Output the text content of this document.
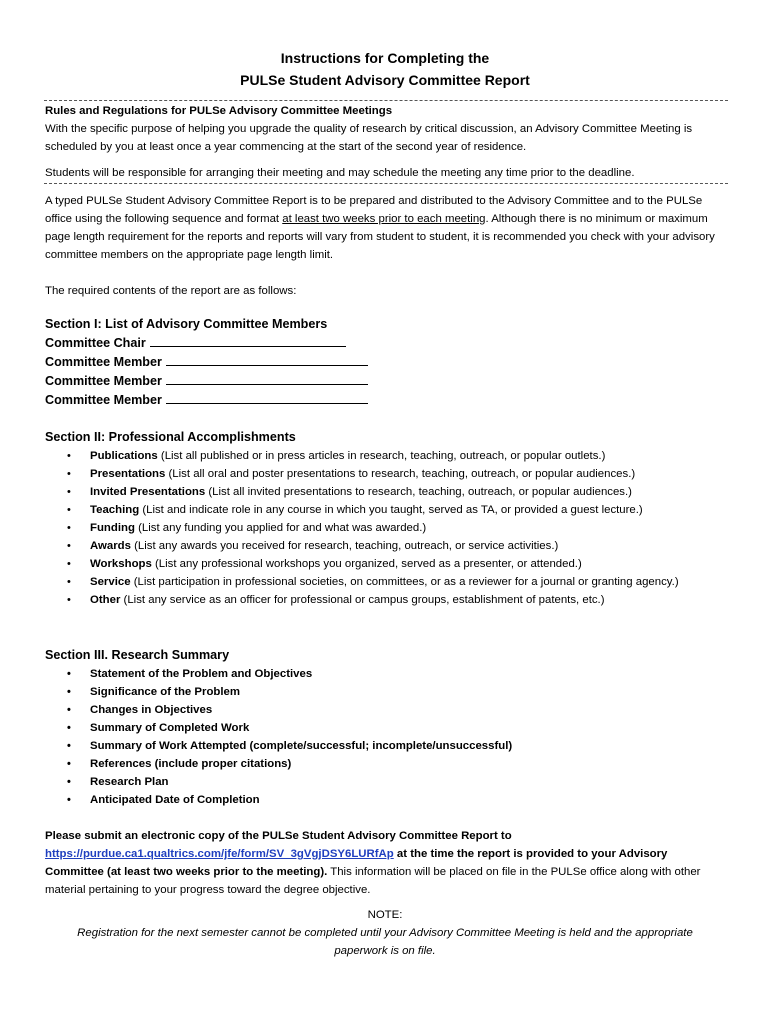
Instructions for Completing the
PULSe Student Advisory Committee Report

Rules and Regulations for PULSe Advisory Committee Meetings

With the specific purpose of helping you upgrade the quality of research by critical discussion, an Advisory Committee Meeting is scheduled by you at least once a year commencing at the start of the second year of residence.

Students will be responsible for arranging their meeting and may schedule the meeting any time prior to the deadline.

A typed PULSe Student Advisory Committee Report is to be prepared and distributed to the Advisory Committee and to the PULSe office using the following sequence and format at least two weeks prior to each meeting. Although there is no minimum or maximum page length requirement for the reports and reports will vary from student to student, it is recommended you check with your advisory committee members on the appropriate page length limit.

The required contents of the report are as follows:

Section I: List of Advisory Committee Members
Committee Chair
Committee Member
Committee Member
Committee Member
Section II: Professional Accomplishments
• Publications (List all published or in press articles in research, teaching, outreach, or popular outlets.)
• Presentations (List all oral and poster presentations to research, teaching, outreach, or popular audiences.)
• Invited Presentations (List all invited presentations to research, teaching, outreach, or popular audiences.)
• Teaching (List and indicate role in any course in which you taught, served as TA, or provided a guest lecture.)
• Funding (List any funding you applied for and what was awarded.)
• Awards (List any awards you received for research, teaching, outreach, or service activities.)
• Workshops (List any professional workshops you organized, served as a presenter, or attended.)
• Service (List participation in professional societies, on committees, or as a reviewer for a journal or granting agency.)
• Other (List any service as an officer for professional or campus groups, establishment of patents, etc.)
Section III. Research Summary
• Statement of the Problem and Objectives
• Significance of the Problem
• Changes in Objectives
• Summary of Completed Work
• Summary of Work Attempted (complete/successful; incomplete/unsuccessful)
• References (include proper citations)
• Research Plan
• Anticipated Date of Completion

Please submit an electronic copy of the PULSe Student Advisory Committee Report to
https://purdue.ca1.qualtrics.com/jfe/form/SV_3gVgjDSY6LURfAp at the time the report is provided to your Advisory Committee (at least two weeks prior to the meeting). This information will be placed on file in the PULSe office along with other material pertaining to your progress toward the degree objective.

NOTE:
Registration for the next semester cannot be completed until your Advisory Committee Meeting is held and the appropriate paperwork is on file.
